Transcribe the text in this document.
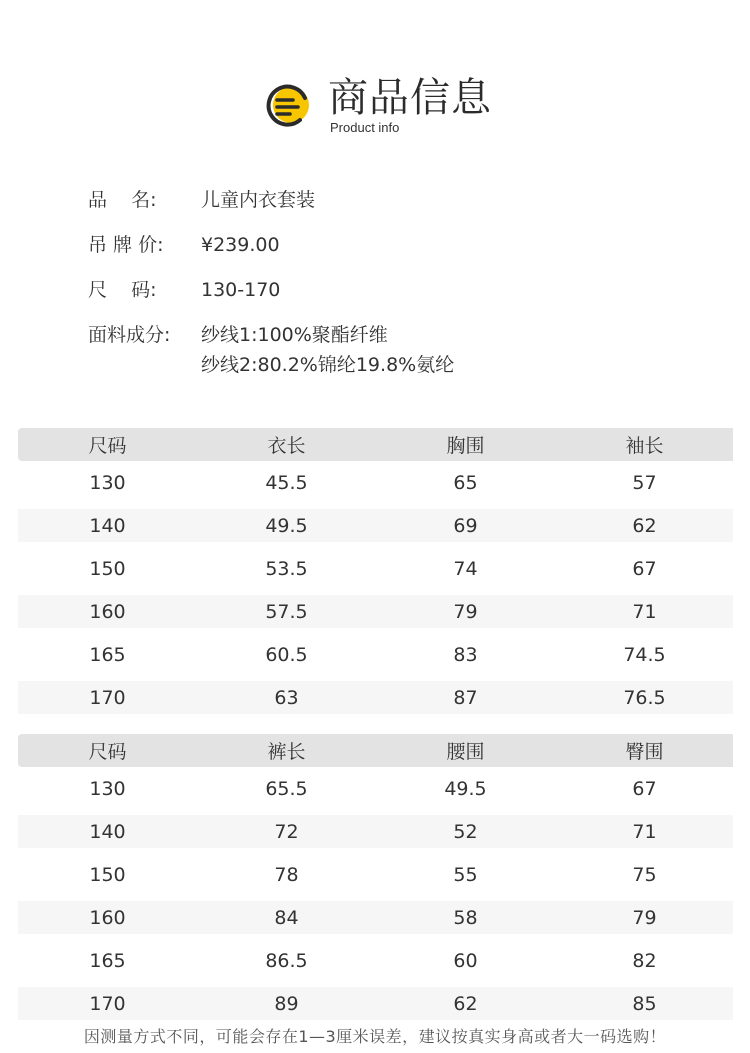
商品信息
Product info
品    名:	儿童内衣套装
吊 牌 价:	¥239.00
尺    码:	130-170
面料成分:	纱线1:100%聚酯纤维
纱线2:80.2%锦纶19.8%氨纶
尺码	衣长	胸围	袖长
130	45.5	65	57
140	49.5	69	62
150	53.5	74	67
160	57.5	79	71
165	60.5	83	74.5
170	63	87	76.5
尺码	裤长	腰围	臀围
130	65.5	49.5	67
140	72	52	71
150	78	55	75
160	84	58	79
165	86.5	60	82
170	89	62	85
因测量方式不同，可能会存在1—3厘米误差，建议按真实身高或者大一码选购！
